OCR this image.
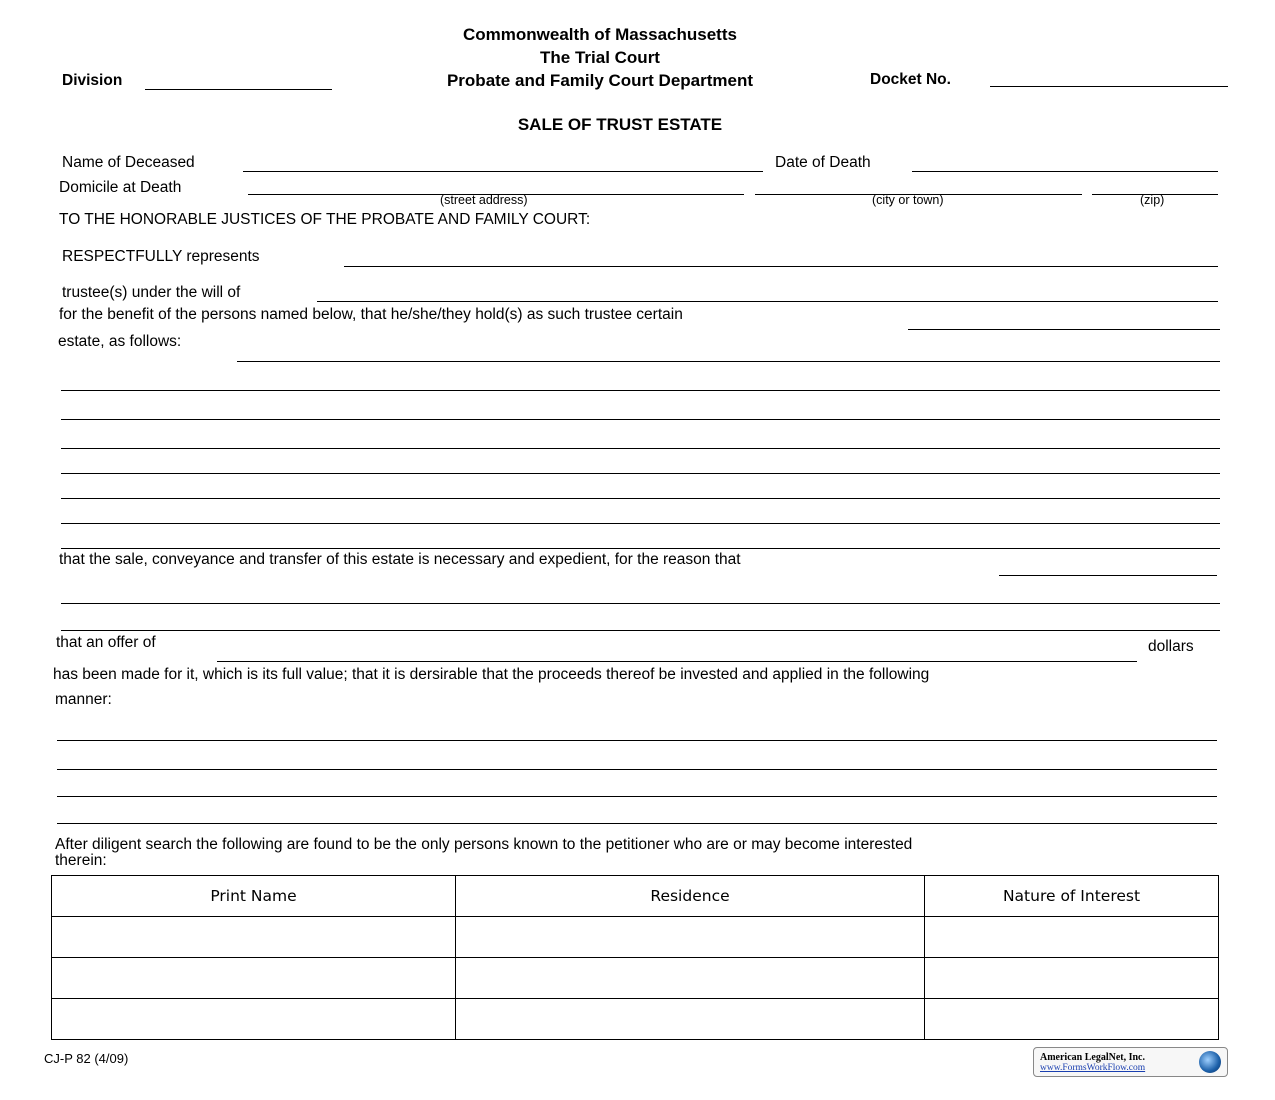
Commonwealth of Massachusetts
The Trial Court
Probate and Family Court Department
Division	Docket No.
SALE OF TRUST ESTATE
Name of Deceased	Date of Death
Domicile at Death
(street address)	(city or town)	(zip)
TO THE HONORABLE JUSTICES OF THE PROBATE AND FAMILY COURT:
RESPECTFULLY represents
trustee(s) under the will of
for the benefit of the persons named below, that he/she/they hold(s) as such trustee certain
estate, as follows:
that the sale, conveyance and transfer of this estate is necessary and expedient, for the reason that
that an offer of	dollars
has been made for it, which is its full value; that it is dersirable that the proceeds thereof be invested and applied in the following
manner:
After diligent search the following are found to be the only persons known to the petitioner who are or may become interested
therein:
Print Name	Residence	Nature of Interest

CJ-P 82 (4/09)	American LegalNet, Inc.
www.FormsWorkFlow.com
